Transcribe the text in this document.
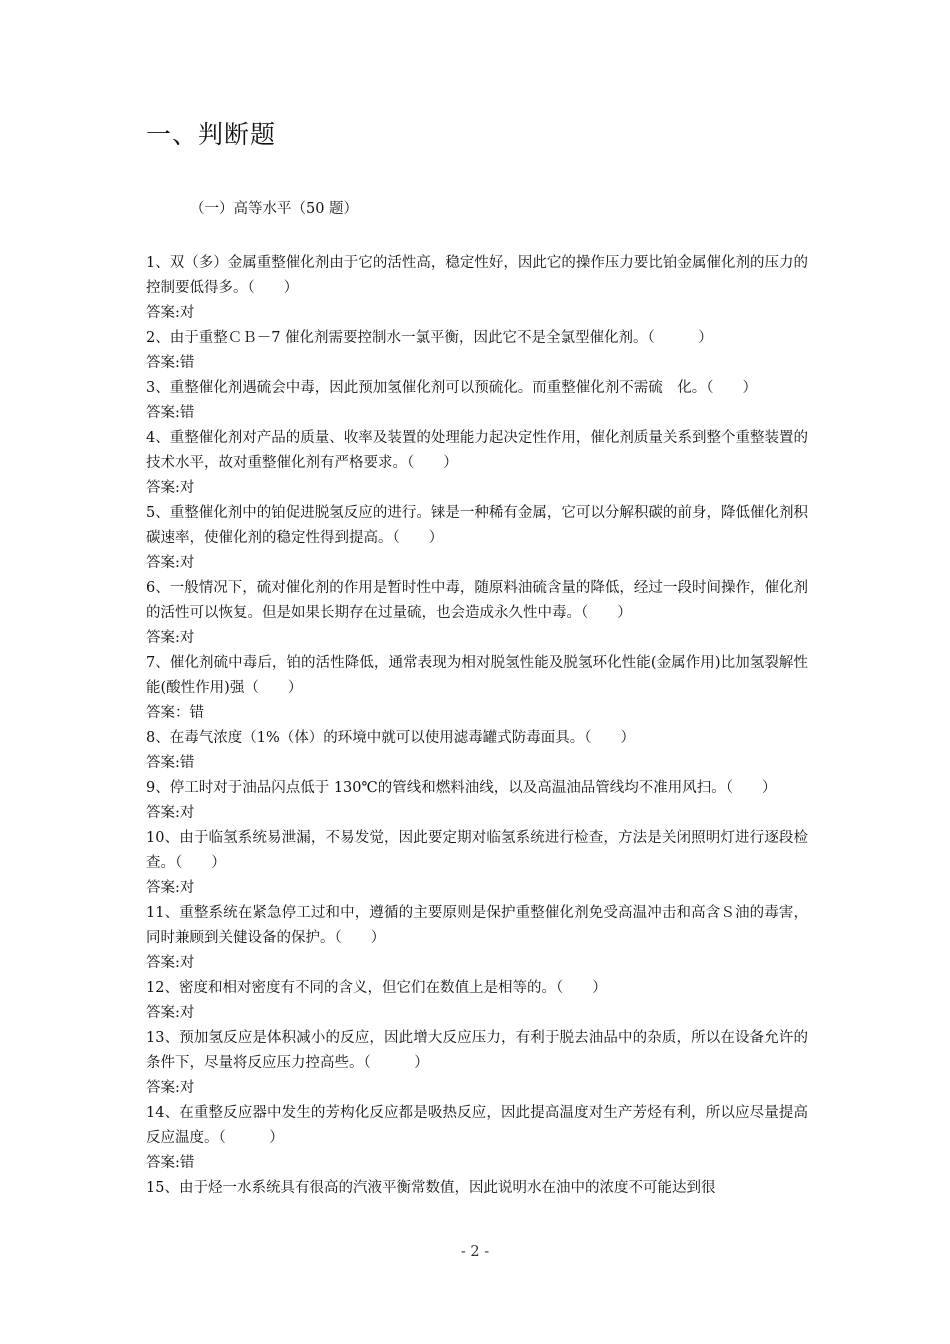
一、判断题
（一）高等水平（50 题）

1、双（多）金属重整催化剂由于它的活性高，稳定性好，因此它的操作压力要比铂金属催化剂的压力的控制要低得多。（　　）

答案:对

2、由于重整ＣＢ－7 催化剂需要控制水一氯平衡，因此它不是全氯型催化剂。（　　　）

答案:错

3、重整催化剂遇硫会中毒，因此预加氢催化剂可以预硫化。而重整催化剂不需硫　化。（　　）

答案:错

4、重整催化剂对产品的质量、收率及装置的处理能力起决定性作用，催化剂质量关系到整个重整装置的技术水平，故对重整催化剂有严格要求。（　　）

答案:对

5、重整催化剂中的铂促进脱氢反应的进行。铼是一种稀有金属，它可以分解积碳的前身，降低催化剂积碳速率，使催化剂的稳定性得到提高。（　　）

答案:对

6、一般情况下，硫对催化剂的作用是暂时性中毒，随原料油硫含量的降低，经过一段时间操作，催化剂的活性可以恢复。但是如果长期存在过量硫，也会造成永久性中毒。（　　）

答案:对

7、催化剂硫中毒后，铂的活性降低，通常表现为相对脱氢性能及脱氢环化性能(金属作用)比加氢裂解性能(酸性作用)强（　　）

答案：错

8、在毒气浓度（1%（体）的环境中就可以使用滤毒罐式防毒面具。（　　）

答案:错

9、停工时对于油品闪点低于 130℃的管线和燃料油线，以及高温油品管线均不准用风扫。（　　）

答案:对

10、由于临氢系统易泄漏，不易发觉，因此要定期对临氢系统进行检查，方法是关闭照明灯进行逐段检查。（　　）

答案:对

11、重整系统在紧急停工过和中，遵循的主要原则是保护重整催化剂免受高温冲击和高含Ｓ油的毒害，同时兼顾到关健设备的保护。（　　）

答案:对

12、密度和相对密度有不同的含义，但它们在数值上是相等的。（　　）

答案:对

13、预加氢反应是体积减小的反应，因此增大反应压力，有利于脱去油品中的杂质，所以在设备允许的条件下，尽量将反应压力控高些。（　　　）

答案:对

14、在重整反应器中发生的芳构化反应都是吸热反应，因此提高温度对生产芳烃有利，所以应尽量提高反应温度。（　　　）

答案:错

15、由于烃一水系统具有很高的汽液平衡常数值，因此说明水在油中的浓度不可能达到很

- 2 -
